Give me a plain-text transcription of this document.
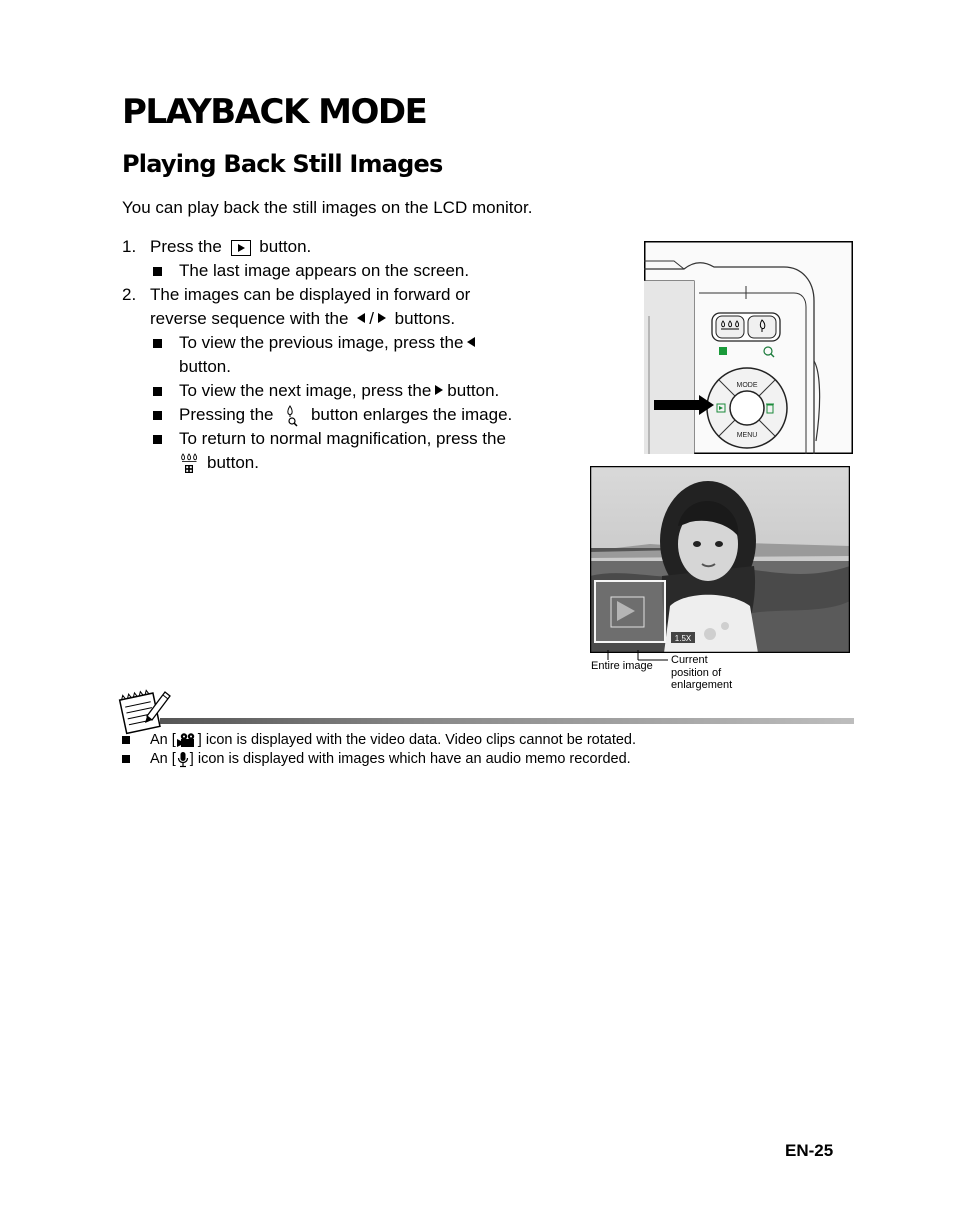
PLAYBACK MODE
Playing Back Still Images
You can play back the still images on the LCD monitor.
1. Press the button.
The last image appears on the screen.
2. The images can be displayed in forward or
reverse sequence with the / buttons.
To view the previous image, press the
button.
To view the next image, press the button.
Pressing the button enlarges the image.
To return to normal magnification, press the
button.
MODE
MENU
1.5X
Entire image Current
position of
enlargement
An [ ] icon is displayed with the video data. Video clips cannot be rotated.
An [ ] icon is displayed with images which have an audio memo recorded.
EN-25
